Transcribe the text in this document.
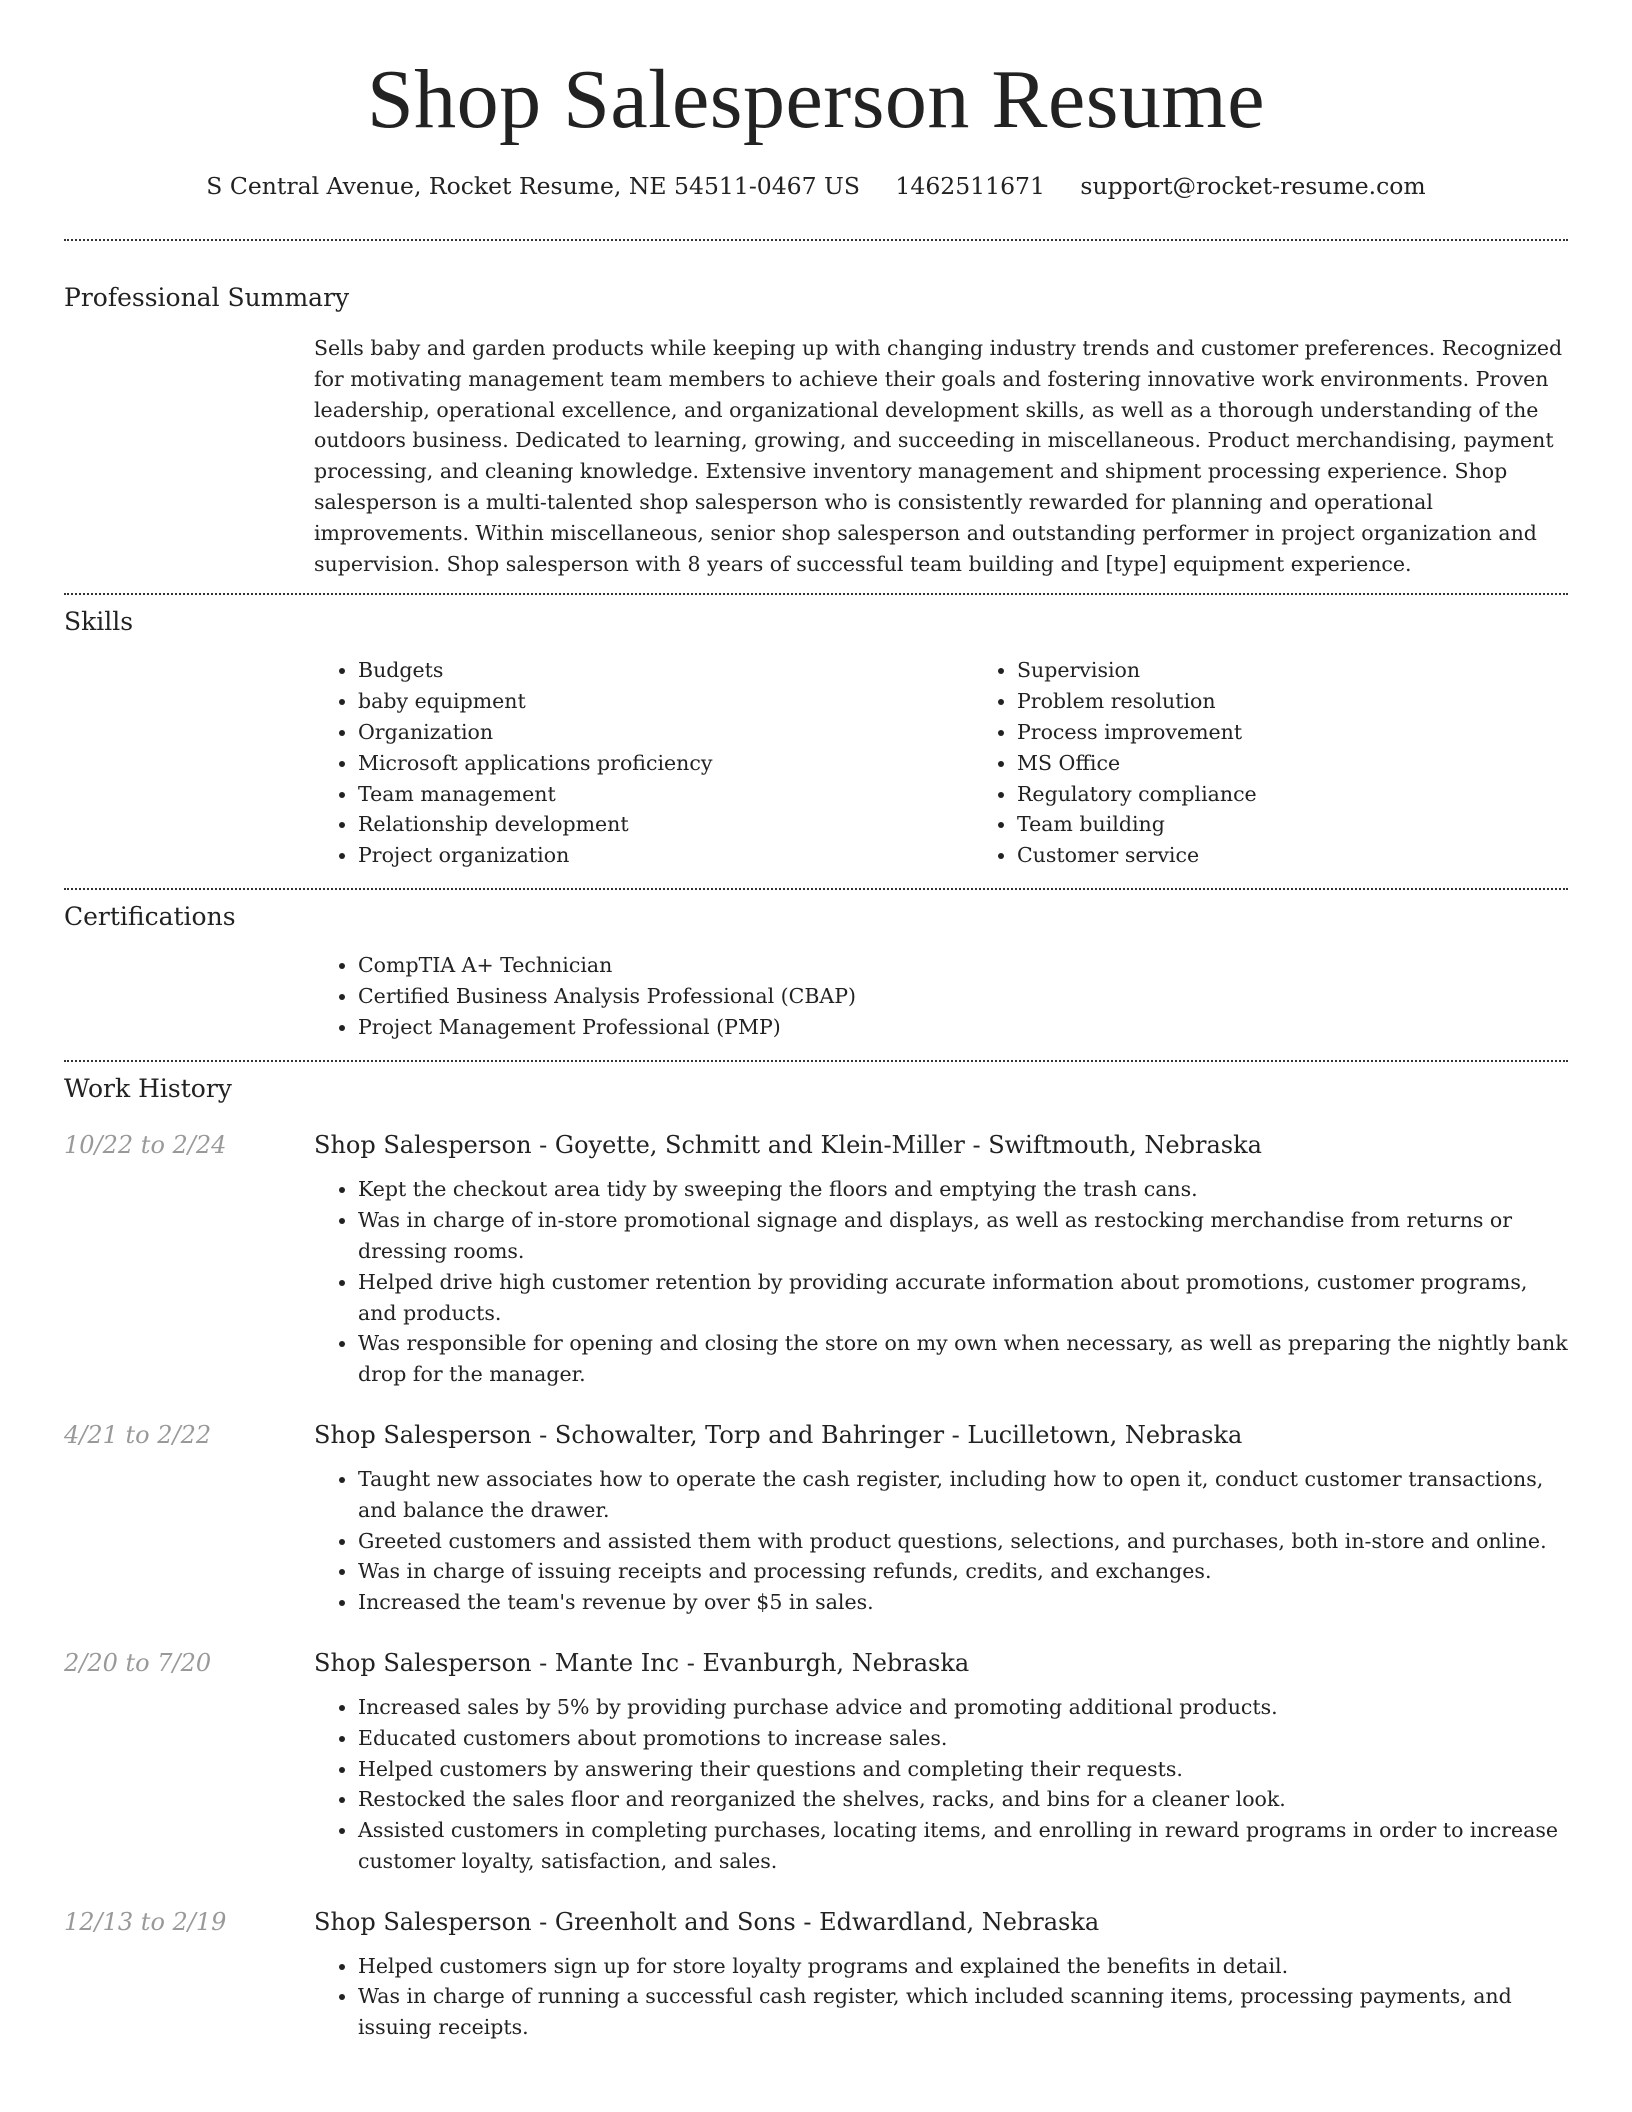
Shop Salesperson Resume
S Central Avenue, Rocket Resume, NE 54511-0467 US 1462511671 support@rocket-resume.com
Professional Summary

Sells baby and garden products while keeping up with changing industry trends and customer preferences. Recognized for motivating management team members to achieve their goals and fostering innovative work environments. Proven leadership, operational excellence, and organizational development skills, as well as a thorough understanding of the outdoors business. Dedicated to learning, growing, and succeeding in miscellaneous. Product merchandising, payment processing, and cleaning knowledge. Extensive inventory management and shipment processing experience. Shop salesperson is a multi-talented shop salesperson who is consistently rewarded for planning and operational improvements. Within miscellaneous, senior shop salesperson and outstanding performer in project organization and supervision. Shop salesperson with 8 years of successful team building and [type] equipment experience.

Skills
• Budgets
• baby equipment
• Organization
• Microsoft applications proficiency
• Team management
• Relationship development
• Project organization
• Supervision
• Problem resolution
• Process improvement
• MS Office
• Regulatory compliance
• Team building
• Customer service
Certifications
• CompTIA A+ Technician
• Certified Business Analysis Professional (CBAP)
• Project Management Professional (PMP)
Work History
10/22 to 2/24	Shop Salesperson - Goyette, Schmitt and Klein-Miller - Swiftmouth, Nebraska
• Kept the checkout area tidy by sweeping the floors and emptying the trash cans.
• Was in charge of in-store promotional signage and displays, as well as restocking merchandise from returns or dressing rooms.
• Helped drive high customer retention by providing accurate information about promotions, customer programs, and products.
• Was responsible for opening and closing the store on my own when necessary, as well as preparing the nightly bank drop for the manager.
4/21 to 2/22	Shop Salesperson - Schowalter, Torp and Bahringer - Lucilletown, Nebraska
• Taught new associates how to operate the cash register, including how to open it, conduct customer transactions, and balance the drawer.
• Greeted customers and assisted them with product questions, selections, and purchases, both in-store and online.
• Was in charge of issuing receipts and processing refunds, credits, and exchanges.
• Increased the team's revenue by over $5 in sales.
2/20 to 7/20	Shop Salesperson - Mante Inc - Evanburgh, Nebraska
• Increased sales by 5% by providing purchase advice and promoting additional products.
• Educated customers about promotions to increase sales.
• Helped customers by answering their questions and completing their requests.
• Restocked the sales floor and reorganized the shelves, racks, and bins for a cleaner look.
• Assisted customers in completing purchases, locating items, and enrolling in reward programs in order to increase customer loyalty, satisfaction, and sales.
12/13 to 2/19	Shop Salesperson - Greenholt and Sons - Edwardland, Nebraska
• Helped customers sign up for store loyalty programs and explained the benefits in detail.
• Was in charge of running a successful cash register, which included scanning items, processing payments, and issuing receipts.
